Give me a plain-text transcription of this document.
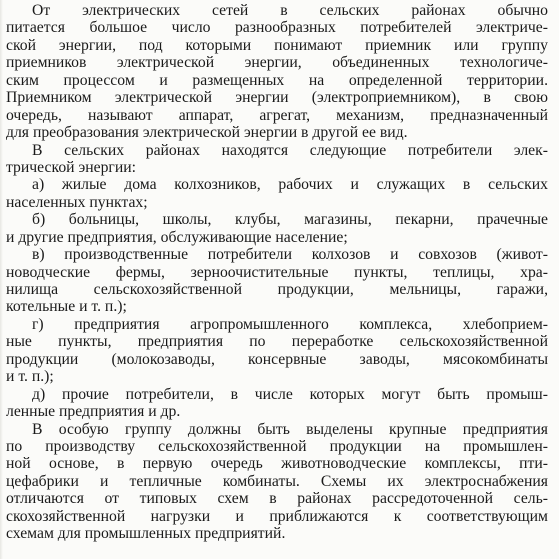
От электрических сетей в сельских районах обычно
питается большое число разнообразных потребителей электриче-
ской энергии, под которыми понимают приемник или группу
приемников электрической энергии, объединенных технологиче-
ским процессом и размещенных на определенной территории.
Приемником электрической энергии (электроприемником), в свою
очередь, называют аппарат, агрегат, механизм, предназначенный
для преобразования электрической энергии в другой ее вид.
В сельских районах находятся следующие потребители элек-
трической энергии:
а) жилые дома колхозников, рабочих и служащих в сельских
населенных пунктах;
б) больницы, школы, клубы, магазины, пекарни, прачечные
и другие предприятия, обслуживающие население;
в) производственные потребители колхозов и совхозов (живот-
новодческие фермы, зерноочистительные пункты, теплицы, хра-
нилища сельскохозяйственной продукции, мельницы, гаражи,
котельные и т. п.);
г) предприятия агропромышленного комплекса, хлебоприем-
ные пункты, предприятия по переработке сельскохозяйственной
продукции (молокозаводы, консервные заводы, мясокомбинаты
и т. п.);
д) прочие потребители, в числе которых могут быть промыш-
ленные предприятия и др.
В особую группу должны быть выделены крупные предприятия
по производству сельскохозяйственной продукции на промышлен-
ной основе, в первую очередь животноводческие комплексы, пти-
цефабрики и тепличные комбинаты. Схемы их электроснабжения
отличаются от типовых схем в районах рассредоточенной сель-
скохозяйственной нагрузки и приближаются к соответствующим
схемам для промышленных предприятий.
